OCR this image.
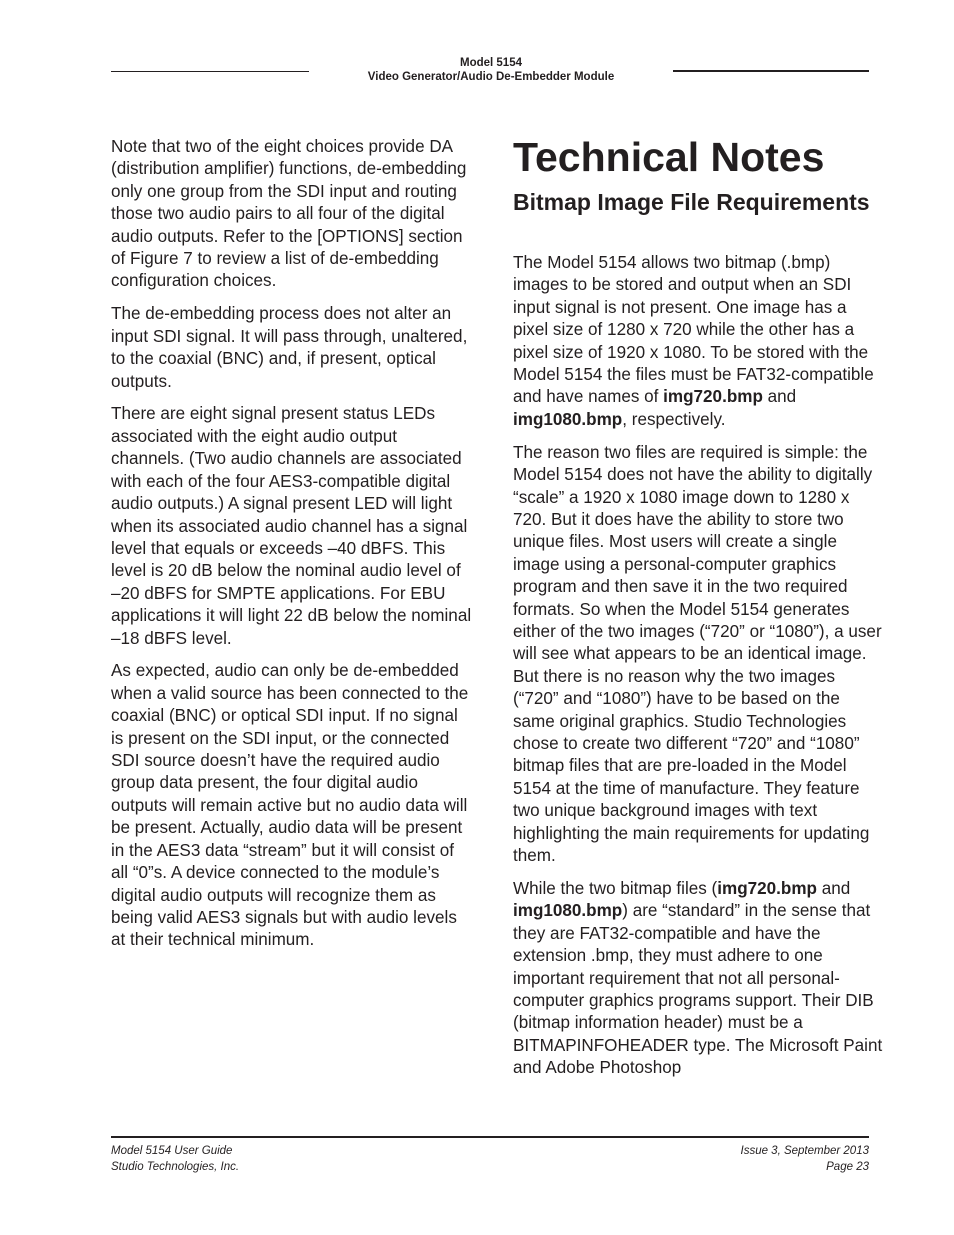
Model 5154
Video Generator/Audio De-Embedder Module

Note that two of the eight choices provide DA (distribution amplifier) functions, de-embedding only one group from the SDI input and routing those two audio pairs to all four of the digital audio outputs. Refer to the [OPTIONS] section of Figure 7 to review a list of de-embedding configuration choices.

The de-embedding process does not alter an input SDI signal. It will pass through, unaltered, to the coaxial (BNC) and, if present, optical outputs.

There are eight signal present status LEDs associated with the eight audio output channels. (Two audio channels are associated with each of the four AES3-compatible digital audio outputs.) A signal present LED will light when its associated audio channel has a signal level that equals or exceeds –40 dBFS. This level is 20 dB below the nominal audio level of –20 dBFS for SMPTE applications. For EBU applications it will light 22 dB below the nominal –18 dBFS level.

As expected, audio can only be de-embedded when a valid source has been connected to the coaxial (BNC) or optical SDI input. If no signal is present on the SDI input, or the connected SDI source doesn’t have the required audio group data present, the four digital audio outputs will remain active but no audio data will be present. Actually, audio data will be present in the AES3 data “stream” but it will consist of all “0”s. A device connected to the module’s digital audio outputs will recognize them as being valid AES3 signals but with audio levels at their technical minimum.

Technical Notes
Bitmap Image File Requirements

The Model 5154 allows two bitmap (.bmp) images to be stored and output when an SDI input signal is not present. One image has a pixel size of 1280 x 720 while the other has a pixel size of 1920 x 1080. To be stored with the Model 5154 the files must be FAT32-compatible and have names of img720.bmp and img1080.bmp, respectively.

The reason two files are required is simple: the Model 5154 does not have the ability to digitally “scale” a 1920 x 1080 image down to 1280 x 720. But it does have the ability to store two unique files. Most users will create a single image using a personal-computer graphics program and then save it in the two required formats. So when the Model 5154 generates either of the two images (“720” or “1080”), a user will see what appears to be an identical image. But there is no reason why the two images (“720” and “1080”) have to be based on the same original graphics. Studio Technologies chose to create two different “720” and “1080” bitmap files that are pre-loaded in the Model 5154 at the time of manufacture. They feature two unique background images with text highlighting the main requirements for updating them.

While the two bitmap files (img720.bmp and img1080.bmp) are “standard” in the sense that they are FAT32-compatible and have the extension .bmp, they must adhere to one important requirement that not all personal-computer graphics programs support. Their DIB (bitmap information header) must be a BITMAPINFOHEADER type. The Microsoft Paint and Adobe Photoshop

Model 5154 User Guide
Studio Technologies, Inc.
Issue 3, September 2013
Page 23
